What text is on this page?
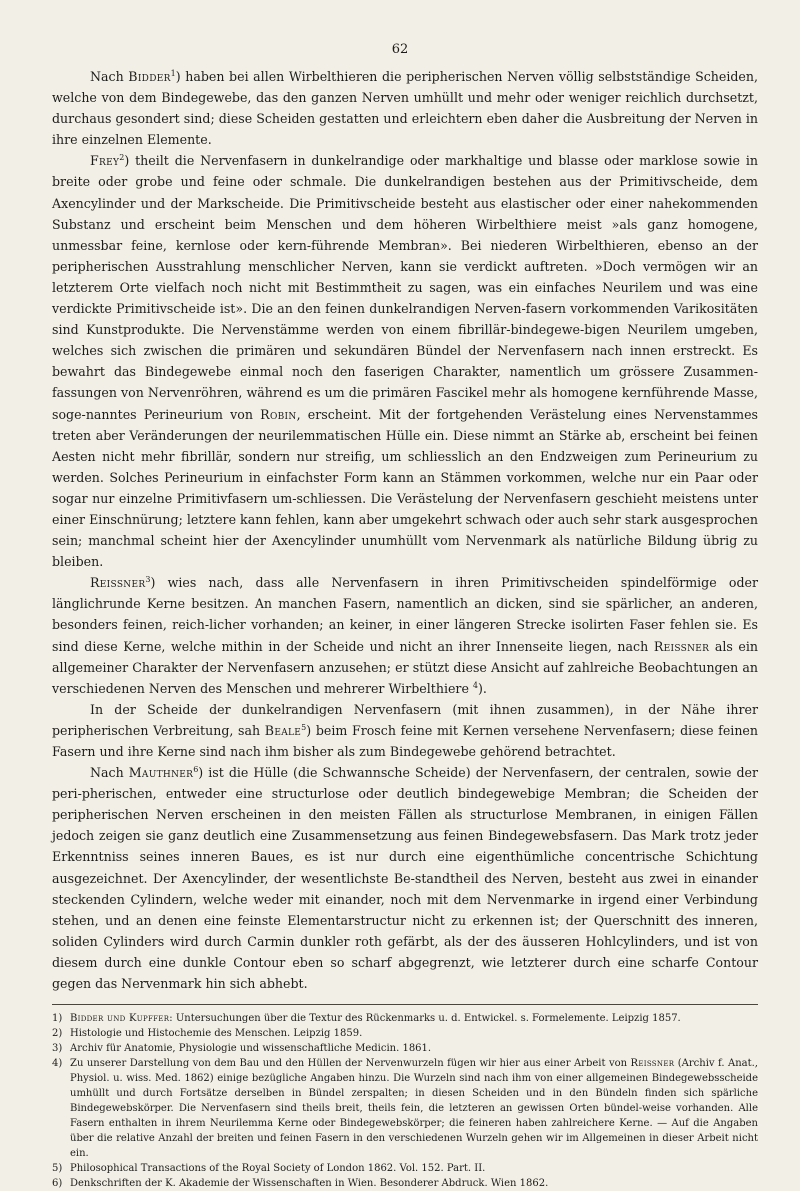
62

Nach Bidder$^1$) haben bei allen Wirbelthieren die peripherischen Nerven völlig selbstständige Scheiden, welche von dem Bindegewebe, das den ganzen Nerven umhüllt und mehr oder weniger reichlich durchsetzt, durchaus gesondert sind; diese Scheiden gestatten und erleichtern eben daher die Ausbreitung der Nerven in ihre einzelnen Elemente.

Frey$^2$) theilt die Nervenfasern in dunkelrandige oder markhaltige und blasse oder marklose sowie in breite oder grobe und feine oder schmale. Die dunkelrandigen bestehen aus der Primitivscheide, dem Axencylinder und der Markscheide. Die Primitivscheide besteht aus elastischer oder einer nahekommenden Substanz und erscheint beim Menschen und dem höheren Wirbelthiere meist »als ganz homogene, unmessbar feine, kernlose oder kern-führende Membran». Bei niederen Wirbelthieren, ebenso an der peripherischen Ausstrahlung menschlicher Nerven, kann sie verdickt auftreten. »Doch vermögen wir an letzterem Orte vielfach noch nicht mit Bestimmtheit zu sagen, was ein einfaches Neurilem und was eine verdickte Primitivscheide ist». Die an den feinen dunkelrandigen Nerven-fasern vorkommenden Varikositäten sind Kunstprodukte. Die Nervenstämme werden von einem fibrillär-bindegewe-bigen Neurilem umgeben, welches sich zwischen die primären und sekundären Bündel der Nervenfasern nach innen erstreckt. Es bewahrt das Bindegewebe einmal noch den faserigen Charakter, namentlich um grössere Zusammen-fassungen von Nervenröhren, während es um die primären Fascikel mehr als homogene kernführende Masse, soge-nanntes Perineurium von Robin, erscheint. Mit der fortgehenden Verästelung eines Nervenstammes treten aber Veränderungen der neurilemmatischen Hülle ein. Diese nimmt an Stärke ab, erscheint bei feinen Aesten nicht mehr fibrillär, sondern nur streifig, um schliesslich an den Endzweigen zum Perineurium zu werden. Solches Perineurium in einfachster Form kann an Stämmen vorkommen, welche nur ein Paar oder sogar nur einzelne Primitivfasern um-schliessen. Die Verästelung der Nervenfasern geschieht meistens unter einer Einschnürung; letztere kann fehlen, kann aber umgekehrt schwach oder auch sehr stark ausgesprochen sein; manchmal scheint hier der Axencylinder unumhüllt vom Nervenmark als natürliche Bildung übrig zu bleiben.

Reissner$^3$) wies nach, dass alle Nervenfasern in ihren Primitivscheiden spindelförmige oder länglichrunde Kerne besitzen. An manchen Fasern, namentlich an dicken, sind sie spärlicher, an anderen, besonders feinen, reich-licher vorhanden; an keiner, in einer längeren Strecke isolirten Faser fehlen sie. Es sind diese Kerne, welche mithin in der Scheide und nicht an ihrer Innenseite liegen, nach Reissner als ein allgemeiner Charakter der Nervenfasern anzusehen; er stützt diese Ansicht auf zahlreiche Beobachtungen an verschiedenen Nerven des Menschen und mehrerer Wirbelthiere $^4$).

In der Scheide der dunkelrandigen Nervenfasern (mit ihnen zusammen), in der Nähe ihrer peripherischen Verbreitung, sah Beale$^5$) beim Frosch feine mit Kernen versehene Nervenfasern; diese feinen Fasern und ihre Kerne sind nach ihm bisher als zum Bindegewebe gehörend betrachtet.

Nach Mauthner$^6$) ist die Hülle (die Schwannsche Scheide) der Nervenfasern, der centralen, sowie der peri-pherischen, entweder eine structurlose oder deutlich bindegewebige Membran; die Scheiden der peripherischen Nerven erscheinen in den meisten Fällen als structurlose Membranen, in einigen Fällen jedoch zeigen sie ganz deutlich eine Zusammensetzung aus feinen Bindegewebsfasern. Das Mark trotz jeder Erkenntniss seines inneren Baues, es ist nur durch eine eigenthümliche concentrische Schichtung ausgezeichnet. Der Axencylinder, der wesentlichste Be-standtheil des Nerven, besteht aus zwei in einander steckenden Cylindern, welche weder mit einander, noch mit dem Nervenmarke in irgend einer Verbindung stehen, und an denen eine feinste Elementarstructur nicht zu erkennen ist; der Querschnitt des inneren, soliden Cylinders wird durch Carmin dunkler roth gefärbt, als der des äusseren Hohlcylinders, und ist von diesem durch eine dunkle Contour eben so scharf abgegrenzt, wie letzterer durch eine scharfe Contour gegen das Nervenmark hin sich abhebt.

1) Bidder und Kupffer: Untersuchungen über die Textur des Rückenmarks u. d. Entwickel. s. Formelemente. Leipzig 1857.
2) Histologie und Histochemie des Menschen. Leipzig 1859.
3) Archiv für Anatomie, Physiologie und wissenschaftliche Medicin. 1861.
4) Zu unserer Darstellung von dem Bau und den Hüllen der Nervenwurzeln fügen wir hier aus einer Arbeit von Reissner (Archiv f. Anat., Physiol. u. wiss. Med. 1862) einige bezügliche Angaben hinzu. Die Wurzeln sind nach ihm von einer allgemeinen Bindegewebsscheide umhüllt und durch Fortsätze derselben in Bündel zerspalten; in diesen Scheiden und in den Bündeln finden sich spärliche Bindegewebskörper. Die Nervenfasern sind theils breit, theils fein, die letzteren an gewissen Orten bündel-weise vorhanden. Alle Fasern enthalten in ihrem Neurilemma Kerne oder Bindegewebskörper; die feineren haben zahlreichere Kerne. — Auf die Angaben über die relative Anzahl der breiten und feinen Fasern in den verschiedenen Wurzeln gehen wir im Allgemeinen in dieser Arbeit nicht ein.
5) Philosophical Transactions of the Royal Society of London 1862. Vol. 152. Part. II.
6) Denkschriften der K. Akademie der Wissenschaften in Wien. Besonderer Abdruck. Wien 1862.
